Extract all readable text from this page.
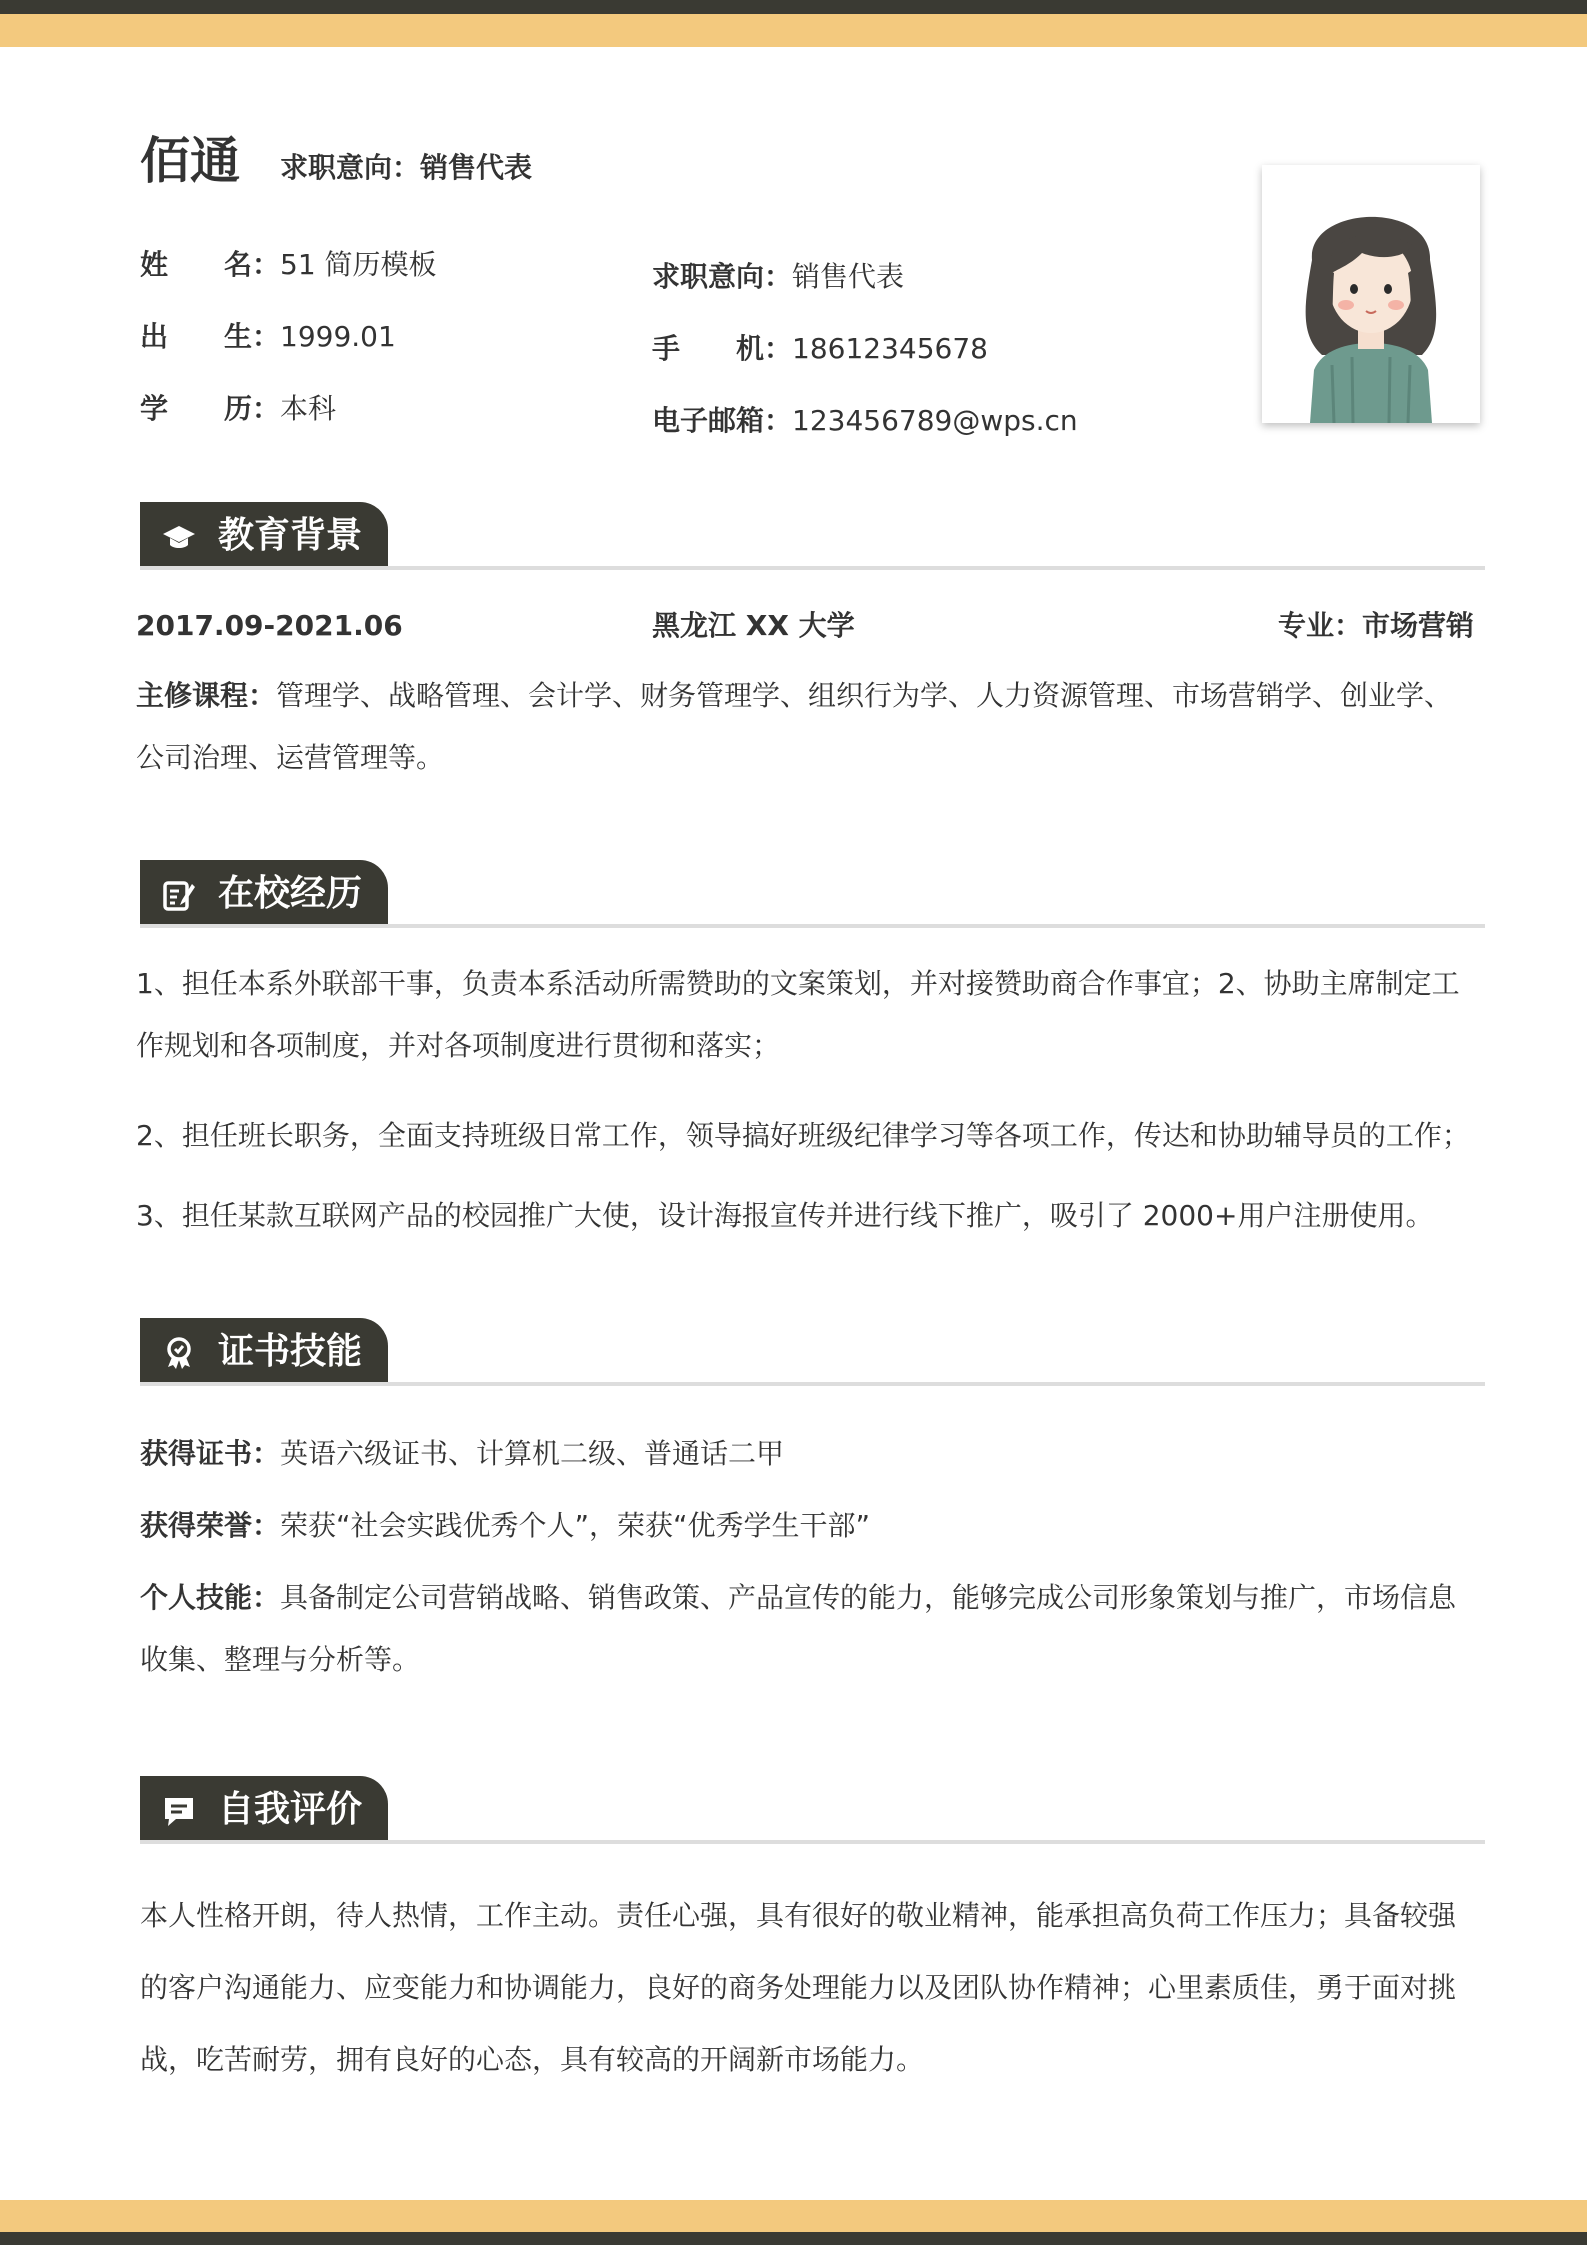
佰通 求职意向：销售代表
姓　　名：51 简历模板
出　　生：1999.01
学　　历：本科
求职意向：销售代表
手　　机：18612345678
电子邮箱：123456789@wps.cn
教育背景
2017.09-2021.06	黑龙江 XX 大学	专业：市场营销
主修课程：管理学、战略管理、会计学、财务管理学、组织行为学、人力资源管理、市场营销学、创业学、公司治理、运营管理等。
在校经历
1、担任本系外联部干事，负责本系活动所需赞助的文案策划，并对接赞助商合作事宜；2、协助主席制定工作规划和各项制度，并对各项制度进行贯彻和落实；
2、担任班长职务，全面支持班级日常工作，领导搞好班级纪律学习等各项工作，传达和协助辅导员的工作；
3、担任某款互联网产品的校园推广大使，设计海报宣传并进行线下推广，吸引了 2000+用户注册使用。
证书技能
获得证书：英语六级证书、计算机二级、普通话二甲
获得荣誉：荣获“社会实践优秀个人”，荣获“优秀学生干部”
个人技能：具备制定公司营销战略、销售政策、产品宣传的能力，能够完成公司形象策划与推广，市场信息收集、整理与分析等。
自我评价
本人性格开朗，待人热情，工作主动。责任心强，具有很好的敬业精神，能承担高负荷工作压力；具备较强的客户沟通能力、应变能力和协调能力，良好的商务处理能力以及团队协作精神；心里素质佳，勇于面对挑战，吃苦耐劳，拥有良好的心态，具有较高的开阔新市场能力。
